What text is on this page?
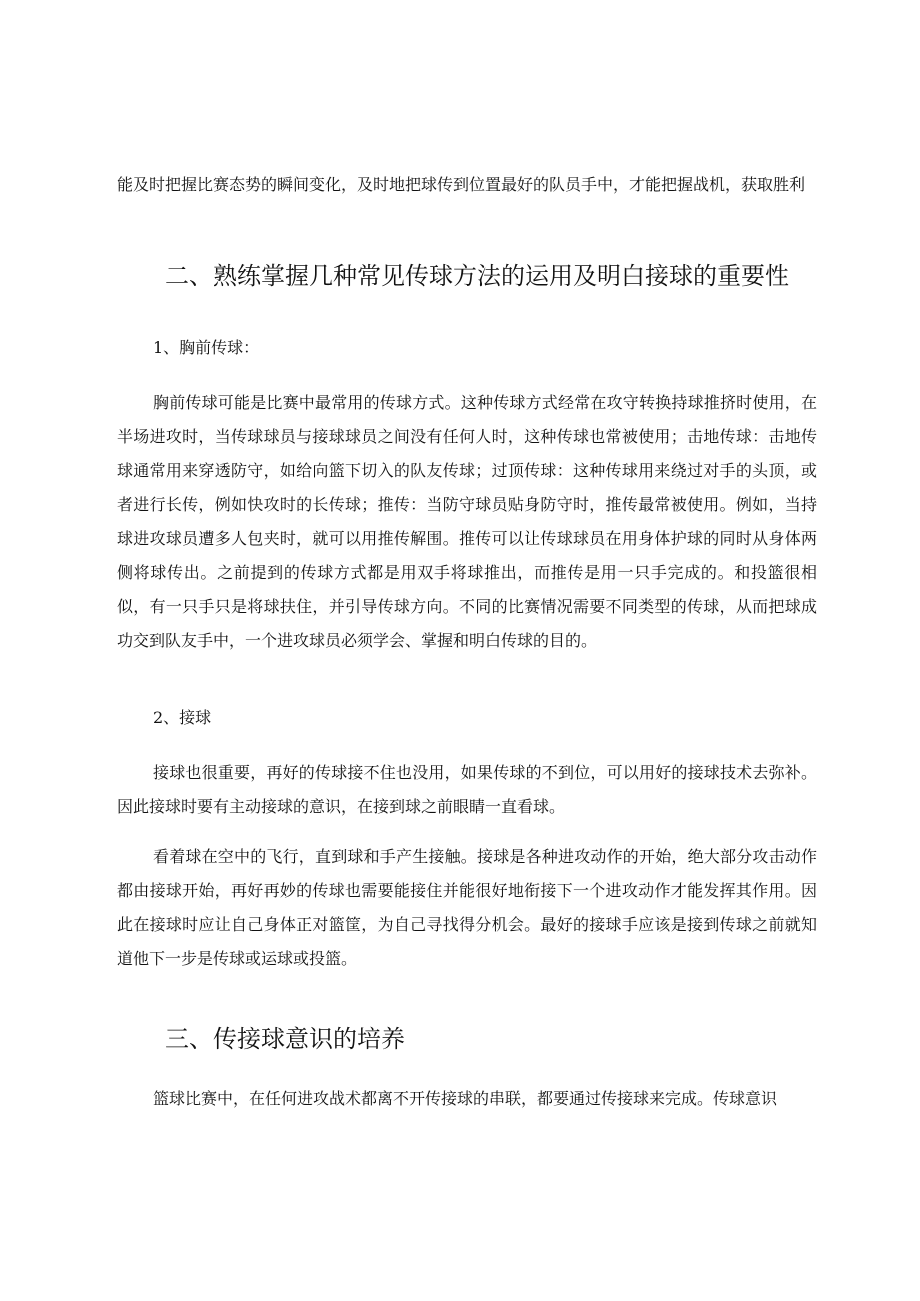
能及时把握比赛态势的瞬间变化，及时地把球传到位置最好的队员手中，才能把握战机，获取胜利

二、熟练掌握几种常见传球方法的运用及明白接球的重要性

1、胸前传球：

胸前传球可能是比赛中最常用的传球方式。这种传球方式经常在攻守转换持球推挤时使用，在半场进攻时，当传球球员与接球球员之间没有任何人时，这种传球也常被使用；击地传球：击地传球通常用来穿透防守，如给向篮下切入的队友传球；过顶传球：这种传球用来绕过对手的头顶，或者进行长传，例如快攻时的长传球；推传：当防守球员贴身防守时，推传最常被使用。例如，当持球进攻球员遭多人包夹时，就可以用推传解围。推传可以让传球球员在用身体护球的同时从身体两侧将球传出。之前提到的传球方式都是用双手将球推出，而推传是用一只手完成的。和投篮很相似，有一只手只是将球扶住，并引导传球方向。不同的比赛情况需要不同类型的传球，从而把球成功交到队友手中，一个进攻球员必须学会、掌握和明白传球的目的。

2、接球

接球也很重要，再好的传球接不住也没用，如果传球的不到位，可以用好的接球技术去弥补。因此接球时要有主动接球的意识，在接到球之前眼睛一直看球。

看着球在空中的飞行，直到球和手产生接触。接球是各种进攻动作的开始，绝大部分攻击动作都由接球开始，再好再妙的传球也需要能接住并能很好地衔接下一个进攻动作才能发挥其作用。因此在接球时应让自己身体正对篮筐，为自己寻找得分机会。最好的接球手应该是接到传球之前就知道他下一步是传球或运球或投篮。

三、传接球意识的培养

篮球比赛中，在任何进攻战术都离不开传接球的串联，都要通过传接球来完成。传球意识
